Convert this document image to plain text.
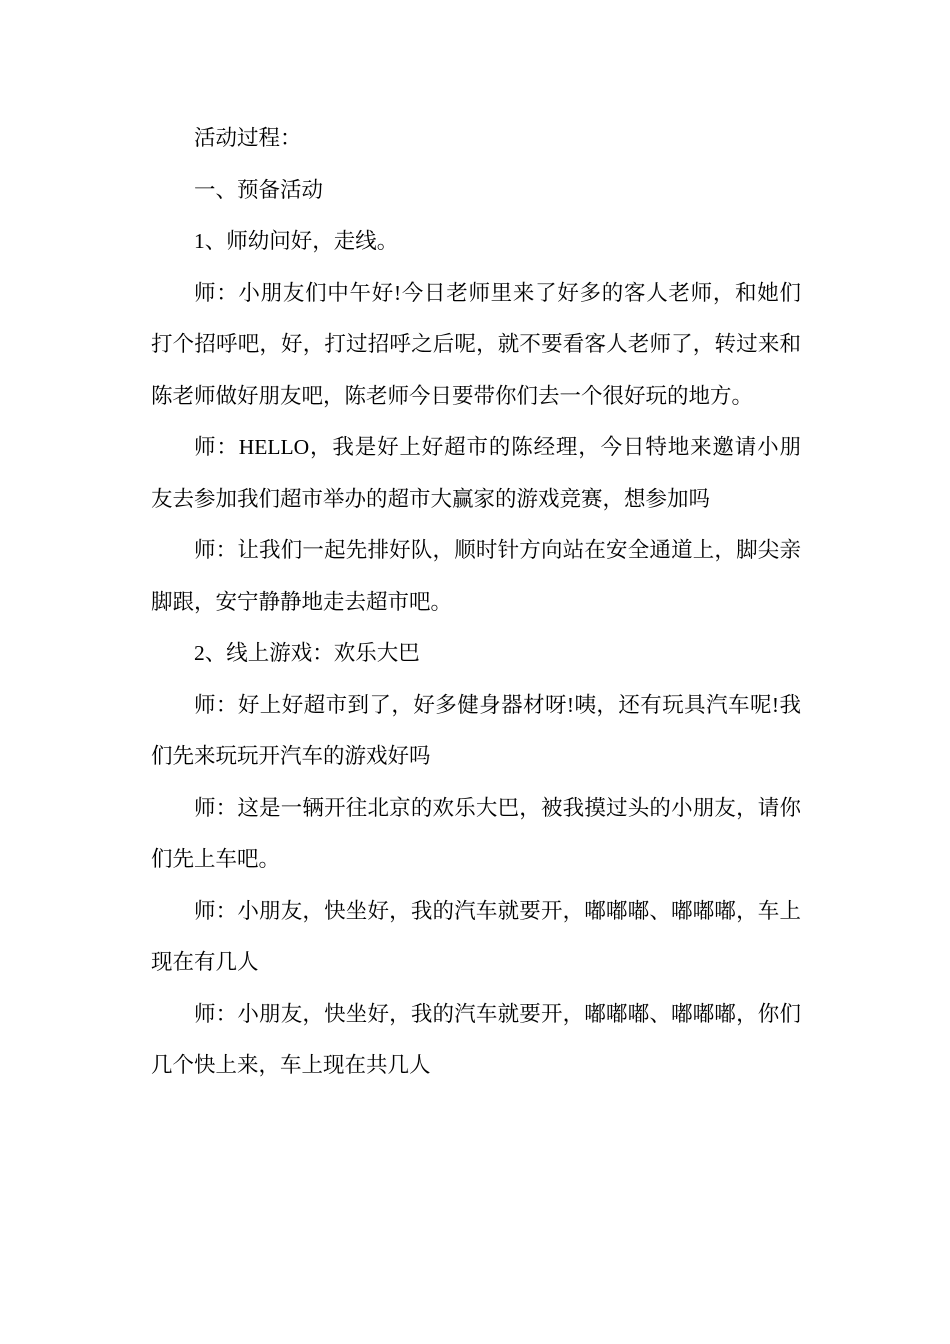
活动过程：

一、预备活动

1、师幼问好，走线。

师：小朋友们中午好!今日老师里来了好多的客人老师，和她们打个招呼吧，好，打过招呼之后呢，就不要看客人老师了，转过来和陈老师做好朋友吧，陈老师今日要带你们去一个很好玩的地方。

师：HELLO，我是好上好超市的陈经理，今日特地来邀请小朋友去参加我们超市举办的超市大赢家的游戏竞赛，想参加吗

师：让我们一起先排好队，顺时针方向站在安全通道上，脚尖亲脚跟，安宁静静地走去超市吧。

2、线上游戏：欢乐大巴

师：好上好超市到了，好多健身器材呀!咦，还有玩具汽车呢!我们先来玩玩开汽车的游戏好吗

师：这是一辆开往北京的欢乐大巴，被我摸过头的小朋友，请你们先上车吧。

师：小朋友，快坐好，我的汽车就要开，嘟嘟嘟、嘟嘟嘟，车上现在有几人

师：小朋友，快坐好，我的汽车就要开，嘟嘟嘟、嘟嘟嘟，你们几个快上来，车上现在共几人
